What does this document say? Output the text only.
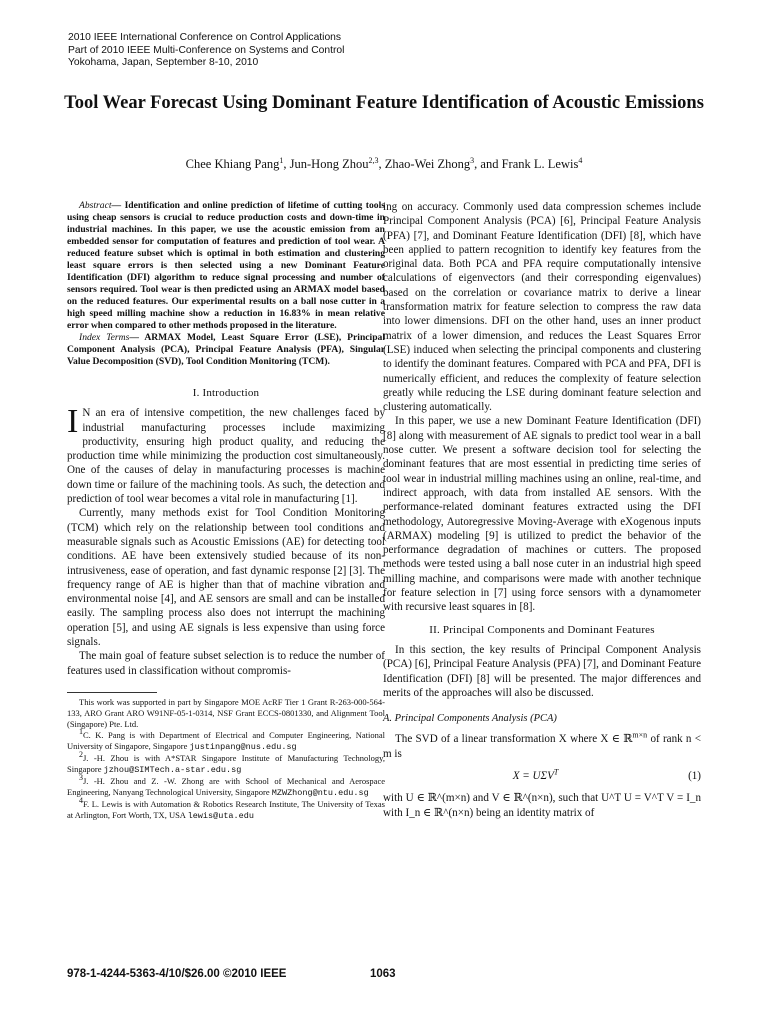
2010 IEEE International Conference on Control Applications
Part of 2010 IEEE Multi-Conference on Systems and Control
Yokohama, Japan, September 8-10, 2010
Tool Wear Forecast Using Dominant Feature Identification of Acoustic Emissions
Chee Khiang Pang$^1$, Jun-Hong Zhou$^{2,3}$, Zhao-Wei Zhong$^3$, and Frank L. Lewis$^4$

Abstract— Identification and online prediction of lifetime of cutting tools using cheap sensors is crucial to reduce production costs and down-time in industrial machines. In this paper, we use the acoustic emission from an embedded sensor for computation of features and prediction of tool wear. A reduced feature subset which is optimal in both estimation and clustering least square errors is then selected using a new Dominant Feature Identification (DFI) algorithm to reduce signal processing and number of sensors required. Tool wear is then predicted using an ARMAX model based on the reduced features. Our experimental results on a ball nose cutter in a high speed milling machine show a reduction in 16.83% in mean relative error when compared to other methods proposed in the literature.

Index Terms— ARMAX Model, Least Square Error (LSE), Principal Component Analysis (PCA), Principal Feature Analysis (PFA), Singular Value Decomposition (SVD), Tool Condition Monitoring (TCM).

I. Introduction

I N an era of intensive competition, the new challenges faced by industrial manufacturing processes include maximizing productivity, ensuring high product quality, and reducing the production time while minimizing the production cost simultaneously. One of the causes of delay in manufacturing processes is machine down time or failure of the machining tools. As such, the detection and prediction of tool wear becomes a vital role in manufacturing [1].

Currently, many methods exist for Tool Condition Monitoring (TCM) which rely on the relationship between tool conditions and measurable signals such as Acoustic Emissions (AE) for detecting tool conditions. AE have been extensively studied because of its non-intrusiveness, ease of operation, and fast dynamic response [2] [3]. The frequency range of AE is higher than that of machine vibration and environmental noise [4], and AE sensors are small and can be installed easily. The sampling process also does not interrupt the machining operation [5], and using AE signals is less expensive than using force signals.

The main goal of feature subset selection is to reduce the number of features used in classification without compromis-

This work was supported in part by Singapore MOE AcRF Tier 1 Grant R-263-000-564-133, ARO Grant ARO W91NF-05-1-0314, NSF Grant ECCS-0801330, and Alignment Tool (Singapore) Pte. Ltd.

$^1$C. K. Pang is with Department of Electrical and Computer Engineering, National University of Singapore, Singapore justinpang@nus.edu.sg

$^2$J. -H. Zhou is with A*STAR Singapore Institute of Manufacturing Technology, Singapore jzhou@SIMTech.a-star.edu.sg

$^3$J. -H. Zhou and Z. -W. Zhong are with School of Mechanical and Aerospace Engineering, Nanyang Technological University, Singapore MZWZhong@ntu.edu.sg

$^4$F. L. Lewis is with Automation & Robotics Research Institute, The University of Texas at Arlington, Fort Worth, TX, USA lewis@uta.edu

ing on accuracy. Commonly used data compression schemes include Principal Component Analysis (PCA) [6], Principal Feature Analysis (PFA) [7], and Dominant Feature Identification (DFI) [8], which have been applied to pattern recognition to identify key features from the original data. Both PCA and PFA require computationally intensive calculations of eigenvectors (and their corresponding eigenvalues) based on the correlation or covariance matrix to derive a linear transformation matrix for feature selection to compress the raw data into lower dimensions. DFI on the other hand, uses an inner product matrix of a lower dimension, and reduces the Least Squares Error (LSE) induced when selecting the principal components and clustering to identify the dominant features. Compared with PCA and PFA, DFI is numerically efficient, and reduces the complexity of feature selection greatly while reducing the LSE during dominant feature selection and clustering automatically.

In this paper, we use a new Dominant Feature Identification (DFI) [8] along with measurement of AE signals to predict tool wear in a ball nose cutter. We present a software decision tool for selecting the dominant features that are most essential in predicting time series of tool wear in industrial milling machines using an online, real-time, and indirect approach, with data from installed AE sensors. With the performance-related dominant features extracted using the DFI methodology, Autoregressive Moving-Average with eXogenous inputs (ARMAX) modeling [9] is utilized to predict the behavior of the performance degradation of machines or cutters. The proposed methods were tested using a ball nose cuter in an industrial high speed milling machine, and comparisons were made with another technique for feature selection in [7] using force sensors with a dynamometer with recursive least squares in [8].

II. Principal Components and Dominant Features

In this section, the key results of Principal Component Analysis (PCA) [6], Principal Feature Analysis (PFA) [7], and Dominant Feature Identification (DFI) [8] will be presented. The major differences and merits of the approaches will also be discussed.

A. Principal Components Analysis (PCA)

The SVD of a linear transformation X where X ∈ ℝ$^{m\times n}$ of rank n < m is

$X = U\Sigma V^T$	(1)

with U ∈ ℝ^(m×n) and V ∈ ℝ^(n×n), such that U^T U = V^T V = I_n with I_n ∈ ℝ^(n×n) being an identity matrix of

978-1-4244-5363-4/10/$26.00 ©2010 IEEE	1063
